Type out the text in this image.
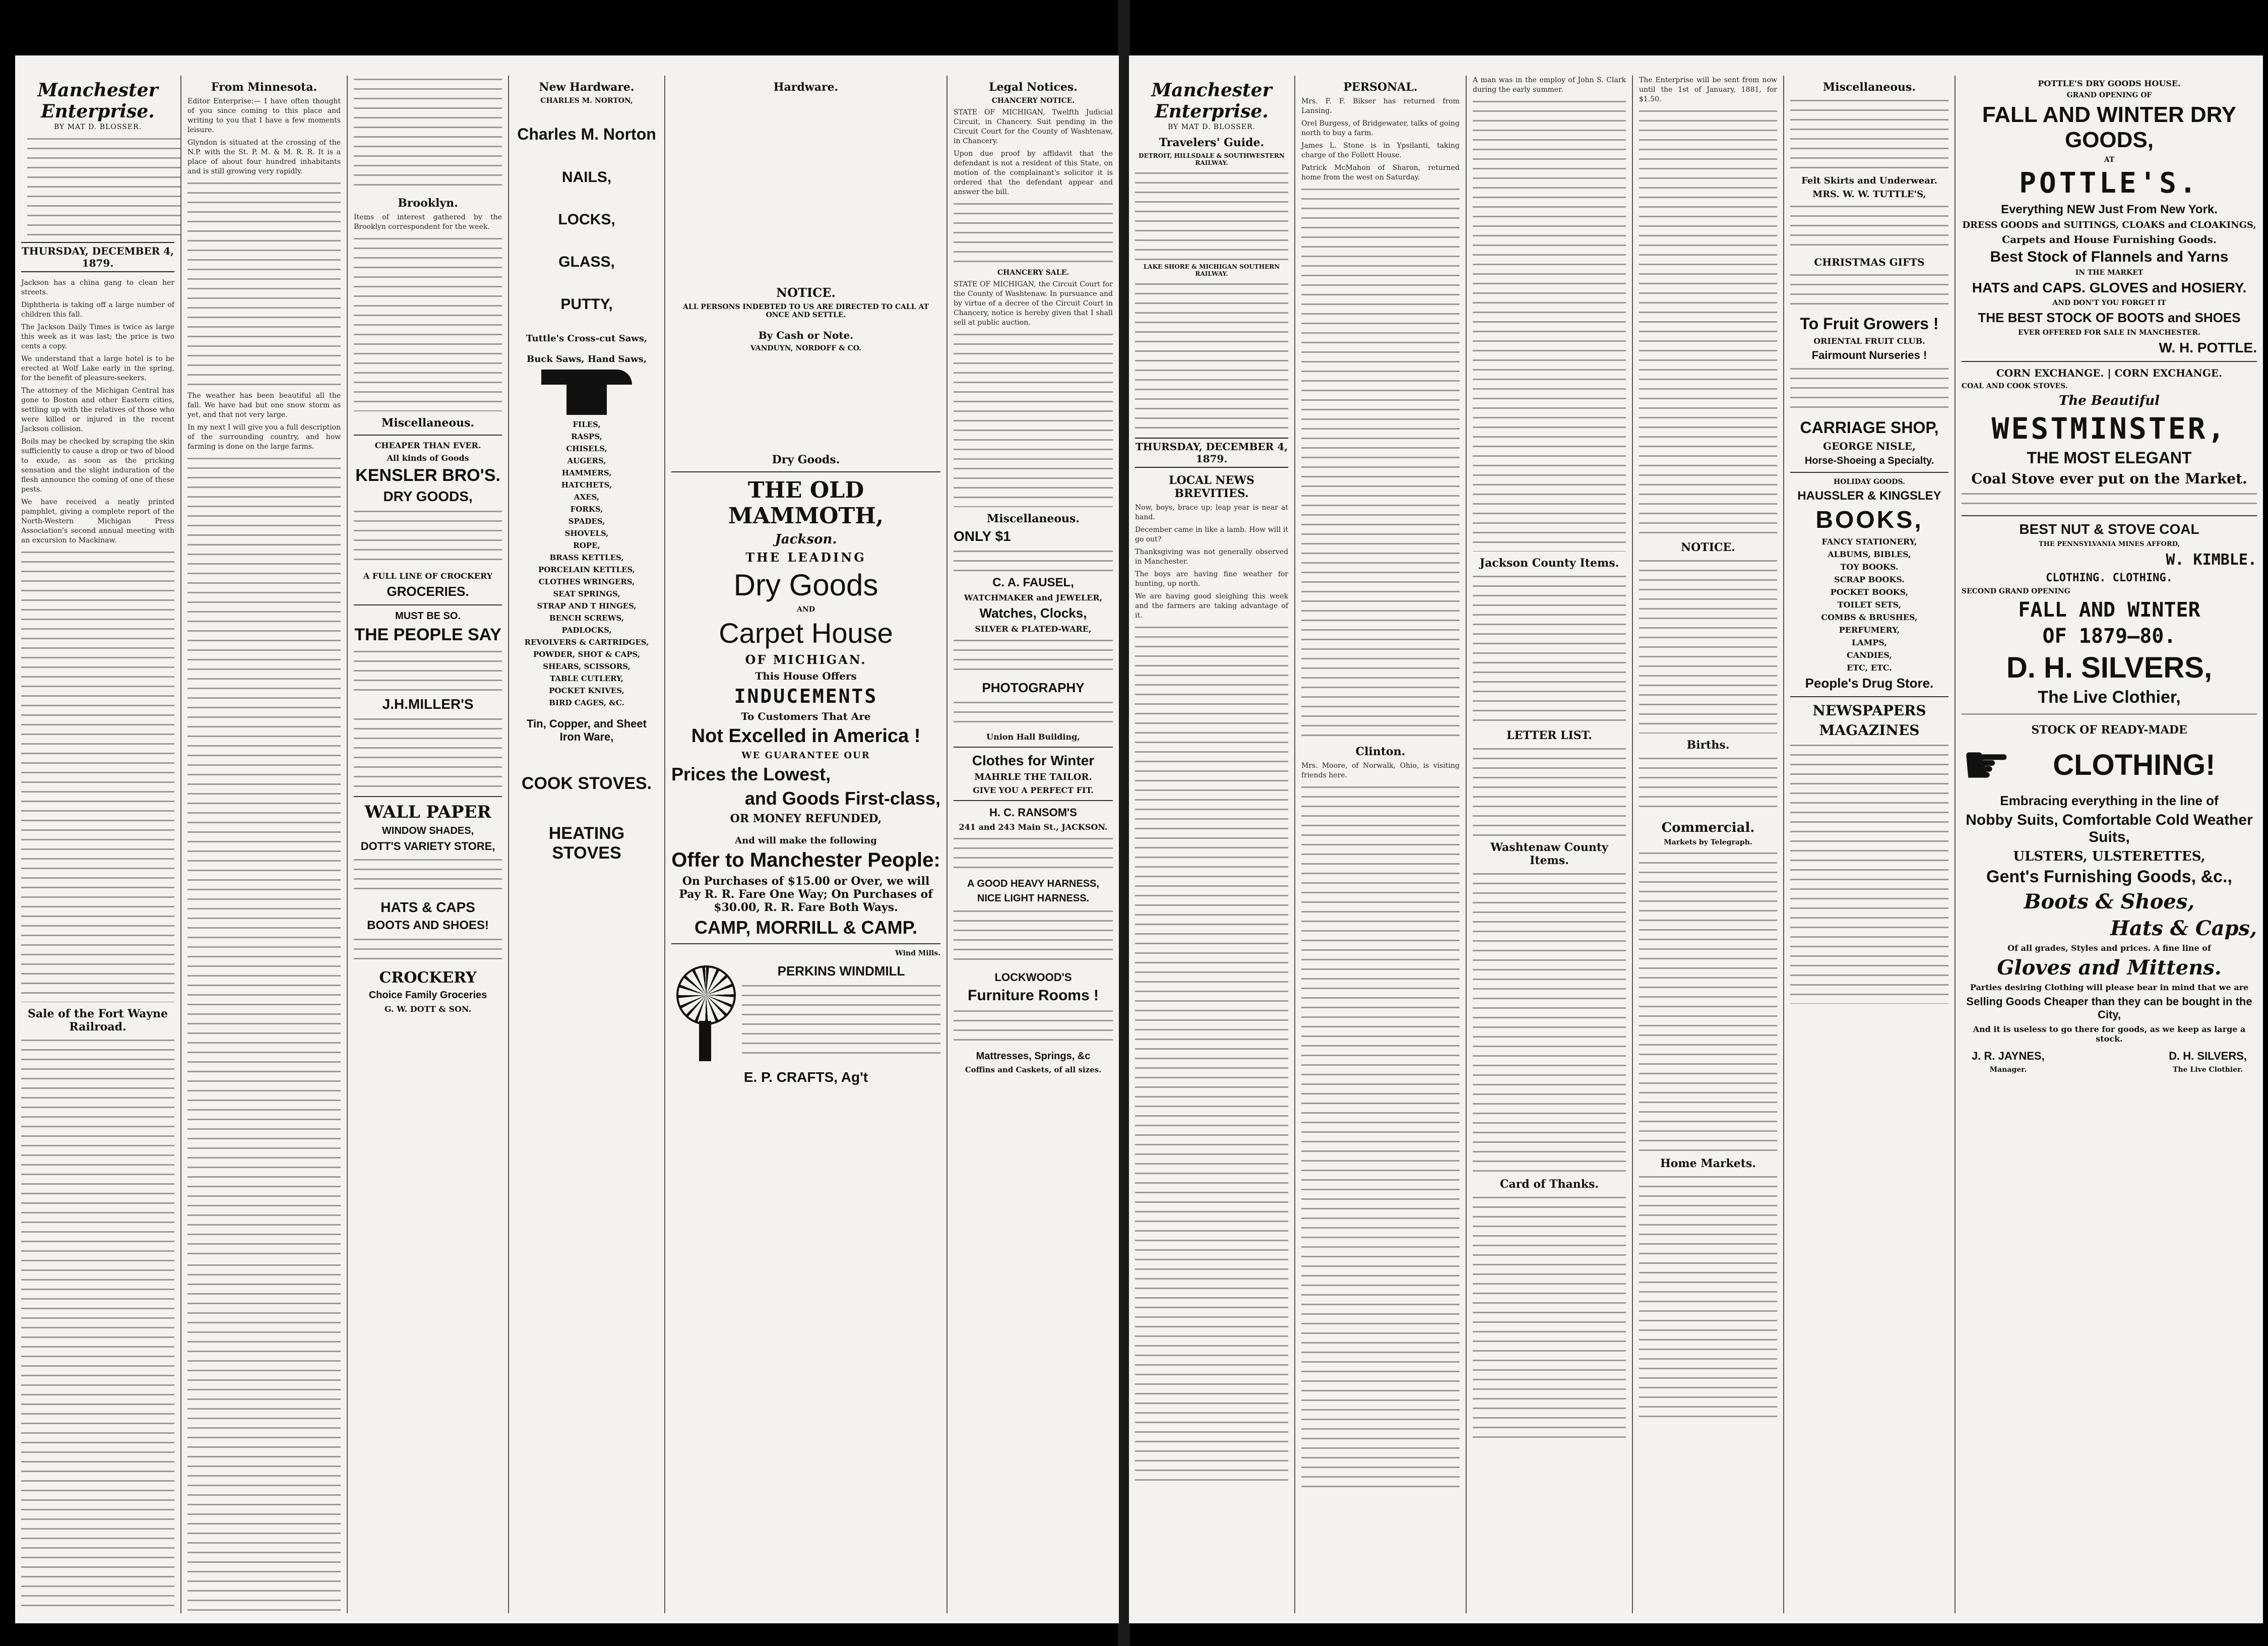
Manchester Enterprise.
BY MAT D. BLOSSER.
THURSDAY, DECEMBER 4, 1879.

Jackson has a china gang to clean her streets.

Diphtheria is taking off a large number of children this fall.

The Jackson Daily Times is twice as large this week as it was last; the price is two cents a copy.

We understand that a large hotel is to be erected at Wolf Lake early in the spring, for the benefit of pleasure-seekers.

The attorney of the Michigan Central has gone to Boston and other Eastern cities, settling up with the relatives of those who were killed or injured in the recent Jackson collision.

Boils may be checked by scraping the skin sufficiently to cause a drop or two of blood to exude, as soon as the pricking sensation and the slight induration of the flesh announce the coming of one of these pests.

We have received a neatly printed pamphlet, giving a complete report of the North-Western Michigan Press Association's second annual meeting with an excursion to Mackinaw.

Sale of the Fort Wayne Railroad.
From Minnesota.

Editor Enterprise:— I have often thought of you since coming to this place and writing to you that I have a few moments leisure.

Glyndon is situated at the crossing of the N.P. with the St. P. M. & M. R. R. It is a place of about four hundred inhabitants and is still growing very rapidly.

The weather has been beautiful all the fall. We have had but one snow storm as yet, and that not very large.

In my next I will give you a full description of the surrounding country, and how farming is done on the large farms.

Brooklyn.

Items of interest gathered by the Brooklyn correspondent for the week.

Miscellaneous.
CHEAPER THAN EVER.
All kinds of Goods
KENSLER BRO'S.
DRY GOODS,
A FULL LINE OF CROCKERY
GROCERIES.
MUST BE SO.
THE PEOPLE SAY
J.H.MILLER'S
WALL PAPER
WINDOW SHADES,
DOTT'S VARIETY STORE,
HATS & CAPS
BOOTS AND SHOES!
CROCKERY
Choice Family Groceries
G. W. DOTT & SON.
New Hardware.
CHARLES M. NORTON,
Charles M. Norton
NAILS,
LOCKS,
GLASS,
PUTTY,
Tuttle's Cross-cut Saws,
Buck Saws, Hand Saws,
FILES,
RASPS,
CHISELS,
AUGERS,
HAMMERS,
HATCHETS,
AXES,
FORKS,
SPADES,
SHOVELS,
ROPE,
BRASS KETTLES,
PORCELAIN KETTLES,
CLOTHES WRINGERS,
SEAT SPRINGS,
STRAP AND T HINGES,
BENCH SCREWS,
PADLOCKS,
REVOLVERS & CARTRIDGES,
POWDER, SHOT & CAPS,
SHEARS, SCISSORS,
TABLE CUTLERY,
POCKET KNIVES,
BIRD CAGES, &C.
Tin, Copper, and Sheet Iron Ware,
COOK STOVES.
HEATING STOVES
Hardware.
NOTICE.
ALL PERSONS INDEBTED TO US ARE DIRECTED TO CALL AT ONCE AND SETTLE.
By Cash or Note.
VANDUYN, NORDOFF & CO.
Dry Goods.
THE OLD MAMMOTH,
Jackson.
THE LEADING
Dry Goods
AND
Carpet House
OF MICHIGAN.
This House Offers
INDUCEMENTS
To Customers That Are
Not Excelled in America !
WE GUARANTEE OUR
Prices the Lowest,
and Goods First-class,
OR MONEY REFUNDED,
And will make the following
Offer to Manchester People:
On Purchases of $15.00 or Over, we will Pay R. R. Fare One Way; On Purchases of $30.00, R. R. Fare Both Ways.
CAMP, MORRILL & CAMP.
Wind Mills.
PERKINS WINDMILL
E. P. CRAFTS, Ag't
Legal Notices.
CHANCERY NOTICE.

STATE OF MICHIGAN, Twelfth Judicial Circuit, in Chancery. Suit pending in the Circuit Court for the County of Washtenaw, in Chancery.

Upon due proof by affidavit that the defendant is not a resident of this State, on motion of the complainant's solicitor it is ordered that the defendant appear and answer the bill.

CHANCERY SALE.

STATE OF MICHIGAN, the Circuit Court for the County of Washtenaw. In pursuance and by virtue of a decree of the Circuit Court in Chancery, notice is hereby given that I shall sell at public auction.

Miscellaneous.
ONLY $1
C. A. FAUSEL,
WATCHMAKER and JEWELER,
Watches, Clocks,
SILVER & PLATED-WARE,
PHOTOGRAPHY
Union Hall Building,
Clothes for Winter
MAHRLE THE TAILOR.
GIVE YOU A PERFECT FIT.
H. C. RANSOM'S
241 and 243 Main St., JACKSON.
A GOOD HEAVY HARNESS,
NICE LIGHT HARNESS.
LOCKWOOD'S
Furniture Rooms !
Mattresses, Springs, &c
Coffins and Caskets, of all sizes.
Manchester Enterprise.
BY MAT D. BLOSSER.
Travelers' Guide.
DETROIT, HILLSDALE & SOUTHWESTERN RAILWAY.
LAKE SHORE & MICHIGAN SOUTHERN RAILWAY.
THURSDAY, DECEMBER 4, 1879.
LOCAL NEWS BREVITIES.

Now, boys, brace up; leap year is near at hand.

December came in like a lamb. How will it go out?

Thanksgiving was not generally observed in Manchester.

The boys are having fine weather for hunting, up north.

We are having good sleighing this week and the farmers are taking advantage of it.

PERSONAL.

Mrs. F. F. Bikser has returned from Lansing.

Orel Burgess, of Bridgewater, talks of going north to buy a farm.

James L. Stone is in Ypsilanti, taking charge of the Follett House.

Patrick McMahon of Sharon, returned home from the west on Saturday.

Clinton.

Mrs. Moore, of Norwalk, Ohio, is visiting friends here.

A man was in the employ of John S. Clark during the early summer.

Jackson County Items.
LETTER LIST.
Washtenaw County Items.
Card of Thanks.

The Enterprise will be sent from now until the 1st of January, 1881, for $1.50.

NOTICE.
Births.
Commercial.
Markets by Telegraph.
Home Markets.
Miscellaneous.
Felt Skirts and Underwear.
MRS. W. W. TUTTLE'S,
CHRISTMAS GIFTS
To Fruit Growers !
ORIENTAL FRUIT CLUB.
Fairmount Nurseries !
CARRIAGE SHOP,
GEORGE NISLE,
Horse-Shoeing a Specialty.
HOLIDAY GOODS.
HAUSSLER & KINGSLEY
BOOKS,
FANCY STATIONERY,
ALBUMS, BIBLES,
TOY BOOKS.
SCRAP BOOKS.
POCKET BOOKS,
TOILET SETS,
COMBS & BRUSHES,
PERFUMERY,
LAMPS,
CANDIES,
ETC, ETC.
People's Drug Store.
NEWSPAPERS
MAGAZINES
POTTLE'S DRY GOODS HOUSE.
GRAND OPENING OF
FALL AND WINTER DRY GOODS,
AT
POTTLE'S.
Everything NEW Just From New York.
DRESS GOODS and SUITINGS, CLOAKS and CLOAKINGS,
Carpets and House Furnishing Goods.
Best Stock of Flannels and Yarns
IN THE MARKET
HATS and CAPS. GLOVES and HOSIERY.
AND DON'T YOU FORGET IT
THE BEST STOCK OF BOOTS and SHOES
EVER OFFERED FOR SALE IN MANCHESTER.
W. H. POTTLE.
CORN EXCHANGE. | CORN EXCHANGE.
COAL AND COOK STOVES.
The Beautiful
WESTMINSTER,
THE MOST ELEGANT
Coal Stove ever put on the Market.
BEST NUT & STOVE COAL
THE PENNSYLVANIA MINES AFFORD,
W. KIMBLE.
CLOTHING. CLOTHING.
SECOND GRAND OPENING
FALL AND WINTER
OF 1879—80.
D. H. SILVERS,
The Live Clothier,
STOCK OF READY-MADE
☛	CLOTHING!
Embracing everything in the line of
Nobby Suits, Comfortable Cold Weather Suits,
ULSTERS, ULSTERETTES,
Gent's Furnishing Goods, &c.,
Boots & Shoes,
Hats & Caps,
Of all grades, Styles and prices. A fine line of
Gloves and Mittens.
Parties desiring Clothing will please bear in mind that we are
Selling Goods Cheaper than they can be bought in the City,
And it is useless to go there for goods, as we keep as large a stock.
J. R. JAYNES,
Manager.
D. H. SILVERS,
The Live Clothier.
